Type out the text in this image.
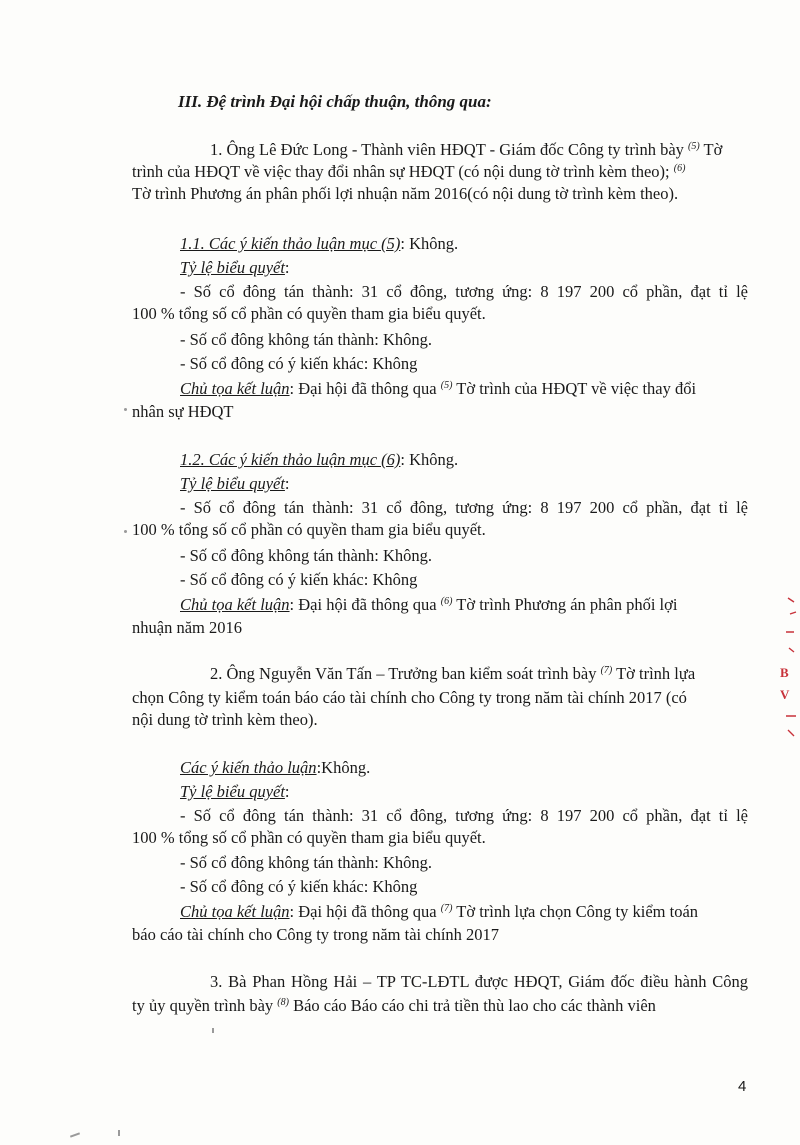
III. Đệ trình Đại hội chấp thuận, thông qua:
1. Ông Lê Đức Long - Thành viên HĐQT - Giám đốc Công ty trình bày $^{(5)}$ Tờ
trình của HĐQT về việc thay đổi nhân sự HĐQT (có nội dung tờ trình kèm theo); $^{(6)}$
Tờ trình Phương án phân phối lợi nhuận năm 2016(có nội dung tờ trình kèm theo).
1.1. Các ý kiến thảo luận mục (5): Không.
Tỷ lệ biểu quyết:
- Số cổ đông tán thành: 31 cổ đông, tương ứng: 8 197 200 cổ phần, đạt tỉ lệ
100 % tổng số cổ phần có quyền tham gia biểu quyết.
- Số cổ đông không tán thành: Không.
- Số cổ đông có ý kiến khác: Không
Chủ tọa kết luận: Đại hội đã thông qua $^{(5)}$ Tờ trình của HĐQT về việc thay đổi
nhân sự HĐQT
1.2. Các ý kiến thảo luận mục (6): Không.
Tỷ lệ biểu quyết:
- Số cổ đông tán thành: 31 cổ đông, tương ứng: 8 197 200 cổ phần, đạt tỉ lệ
100 % tổng số cổ phần có quyền tham gia biểu quyết.
- Số cổ đông không tán thành: Không.
- Số cổ đông có ý kiến khác: Không
Chủ tọa kết luận: Đại hội đã thông qua $^{(6)}$ Tờ trình Phương án phân phối lợi
nhuận năm 2016
2. Ông Nguyễn Văn Tấn – Trưởng ban kiểm soát trình bày $^{(7)}$ Tờ trình lựa
chọn Công ty kiểm toán báo cáo tài chính cho Công ty trong năm tài chính 2017 (có
nội dung tờ trình kèm theo).
Các ý kiến thảo luận:Không.
Tỷ lệ biểu quyết:
- Số cổ đông tán thành: 31 cổ đông, tương ứng: 8 197 200 cổ phần, đạt tỉ lệ
100 % tổng số cổ phần có quyền tham gia biểu quyết.
- Số cổ đông không tán thành: Không.
- Số cổ đông có ý kiến khác: Không
Chủ tọa kết luận: Đại hội đã thông qua $^{(7)}$ Tờ trình lựa chọn Công ty kiểm toán
báo cáo tài chính cho Công ty trong năm tài chính 2017
3. Bà Phan Hồng Hải – TP TC-LĐTL được HĐQT, Giám đốc điều hành Công
ty ủy quyền trình bày $^{(8)}$ Báo cáo Báo cáo chi trả tiền thù lao cho các thành viên
4
B
V
